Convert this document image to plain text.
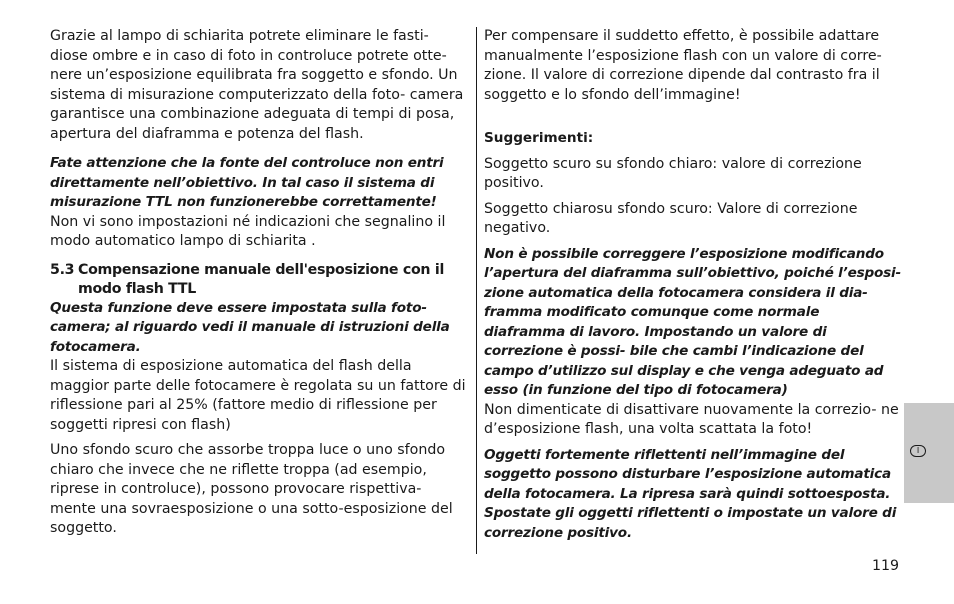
Grazie al lampo di schiarita potrete eliminare le fasti- diose ombre e in caso di foto in controluce potrete otte- nere un’esposizione equilibrata fra soggetto e sfondo. Un sistema di misurazione computerizzato della foto- camera garantisce una combinazione adeguata di tempi di posa, apertura del diaframma e potenza del flash.

Fate attenzione che la fonte del controluce non entri direttamente nell’obiettivo. In tal caso il sistema di misurazione TTL non funzionerebbe correttamente!

Non vi sono impostazioni né indicazioni che segnalino il modo automatico lampo di schiarita .

5.3 Compensazione manuale dell'esposizione con il modo flash TTL

Questa funzione deve essere impostata sulla foto- camera; al riguardo vedi il manuale di istruzioni della fotocamera.

Il sistema di esposizione automatica del flash della maggior parte delle fotocamere è regolata su un fattore di riflessione pari al 25% (fattore medio di riflessione per soggetti ripresi con flash)

Uno sfondo scuro che assorbe troppa luce o uno sfondo chiaro che invece che ne riflette troppa (ad esempio, riprese in controluce), possono provocare rispettiva- mente una sovraesposizione o una sotto-esposizione del soggetto.

Per compensare il suddetto effetto, è possibile adattare manualmente l’esposizione flash con un valore di corre- zione. Il valore di correzione dipende dal contrasto fra il soggetto e lo sfondo dell’immagine!

Suggerimenti:

Soggetto scuro su sfondo chiaro: valore di correzione positivo.

Soggetto chiarosu sfondo scuro: Valore di correzione negativo.

Non è possibile correggere l’esposizione modificando l’apertura del diaframma sull’obiettivo, poiché l’esposi- zione automatica della fotocamera considera il dia- framma modificato comunque come normale diaframma di lavoro. Impostando un valore di correzione è possi- bile che cambi l’indicazione del campo d’utilizzo sul display e che venga adeguato ad esso (in funzione del tipo di fotocamera)

Non dimenticate di disattivare nuovamente la correzio- ne d’esposizione flash, una volta scattata la foto!

Oggetti fortemente riflettenti nell’immagine del soggetto possono disturbare l’esposizione automatica della fotocamera. La ripresa sarà quindi sottoesposta. Spostate gli oggetti riflettenti o impostate un valore di correzione positivo.

I
119
